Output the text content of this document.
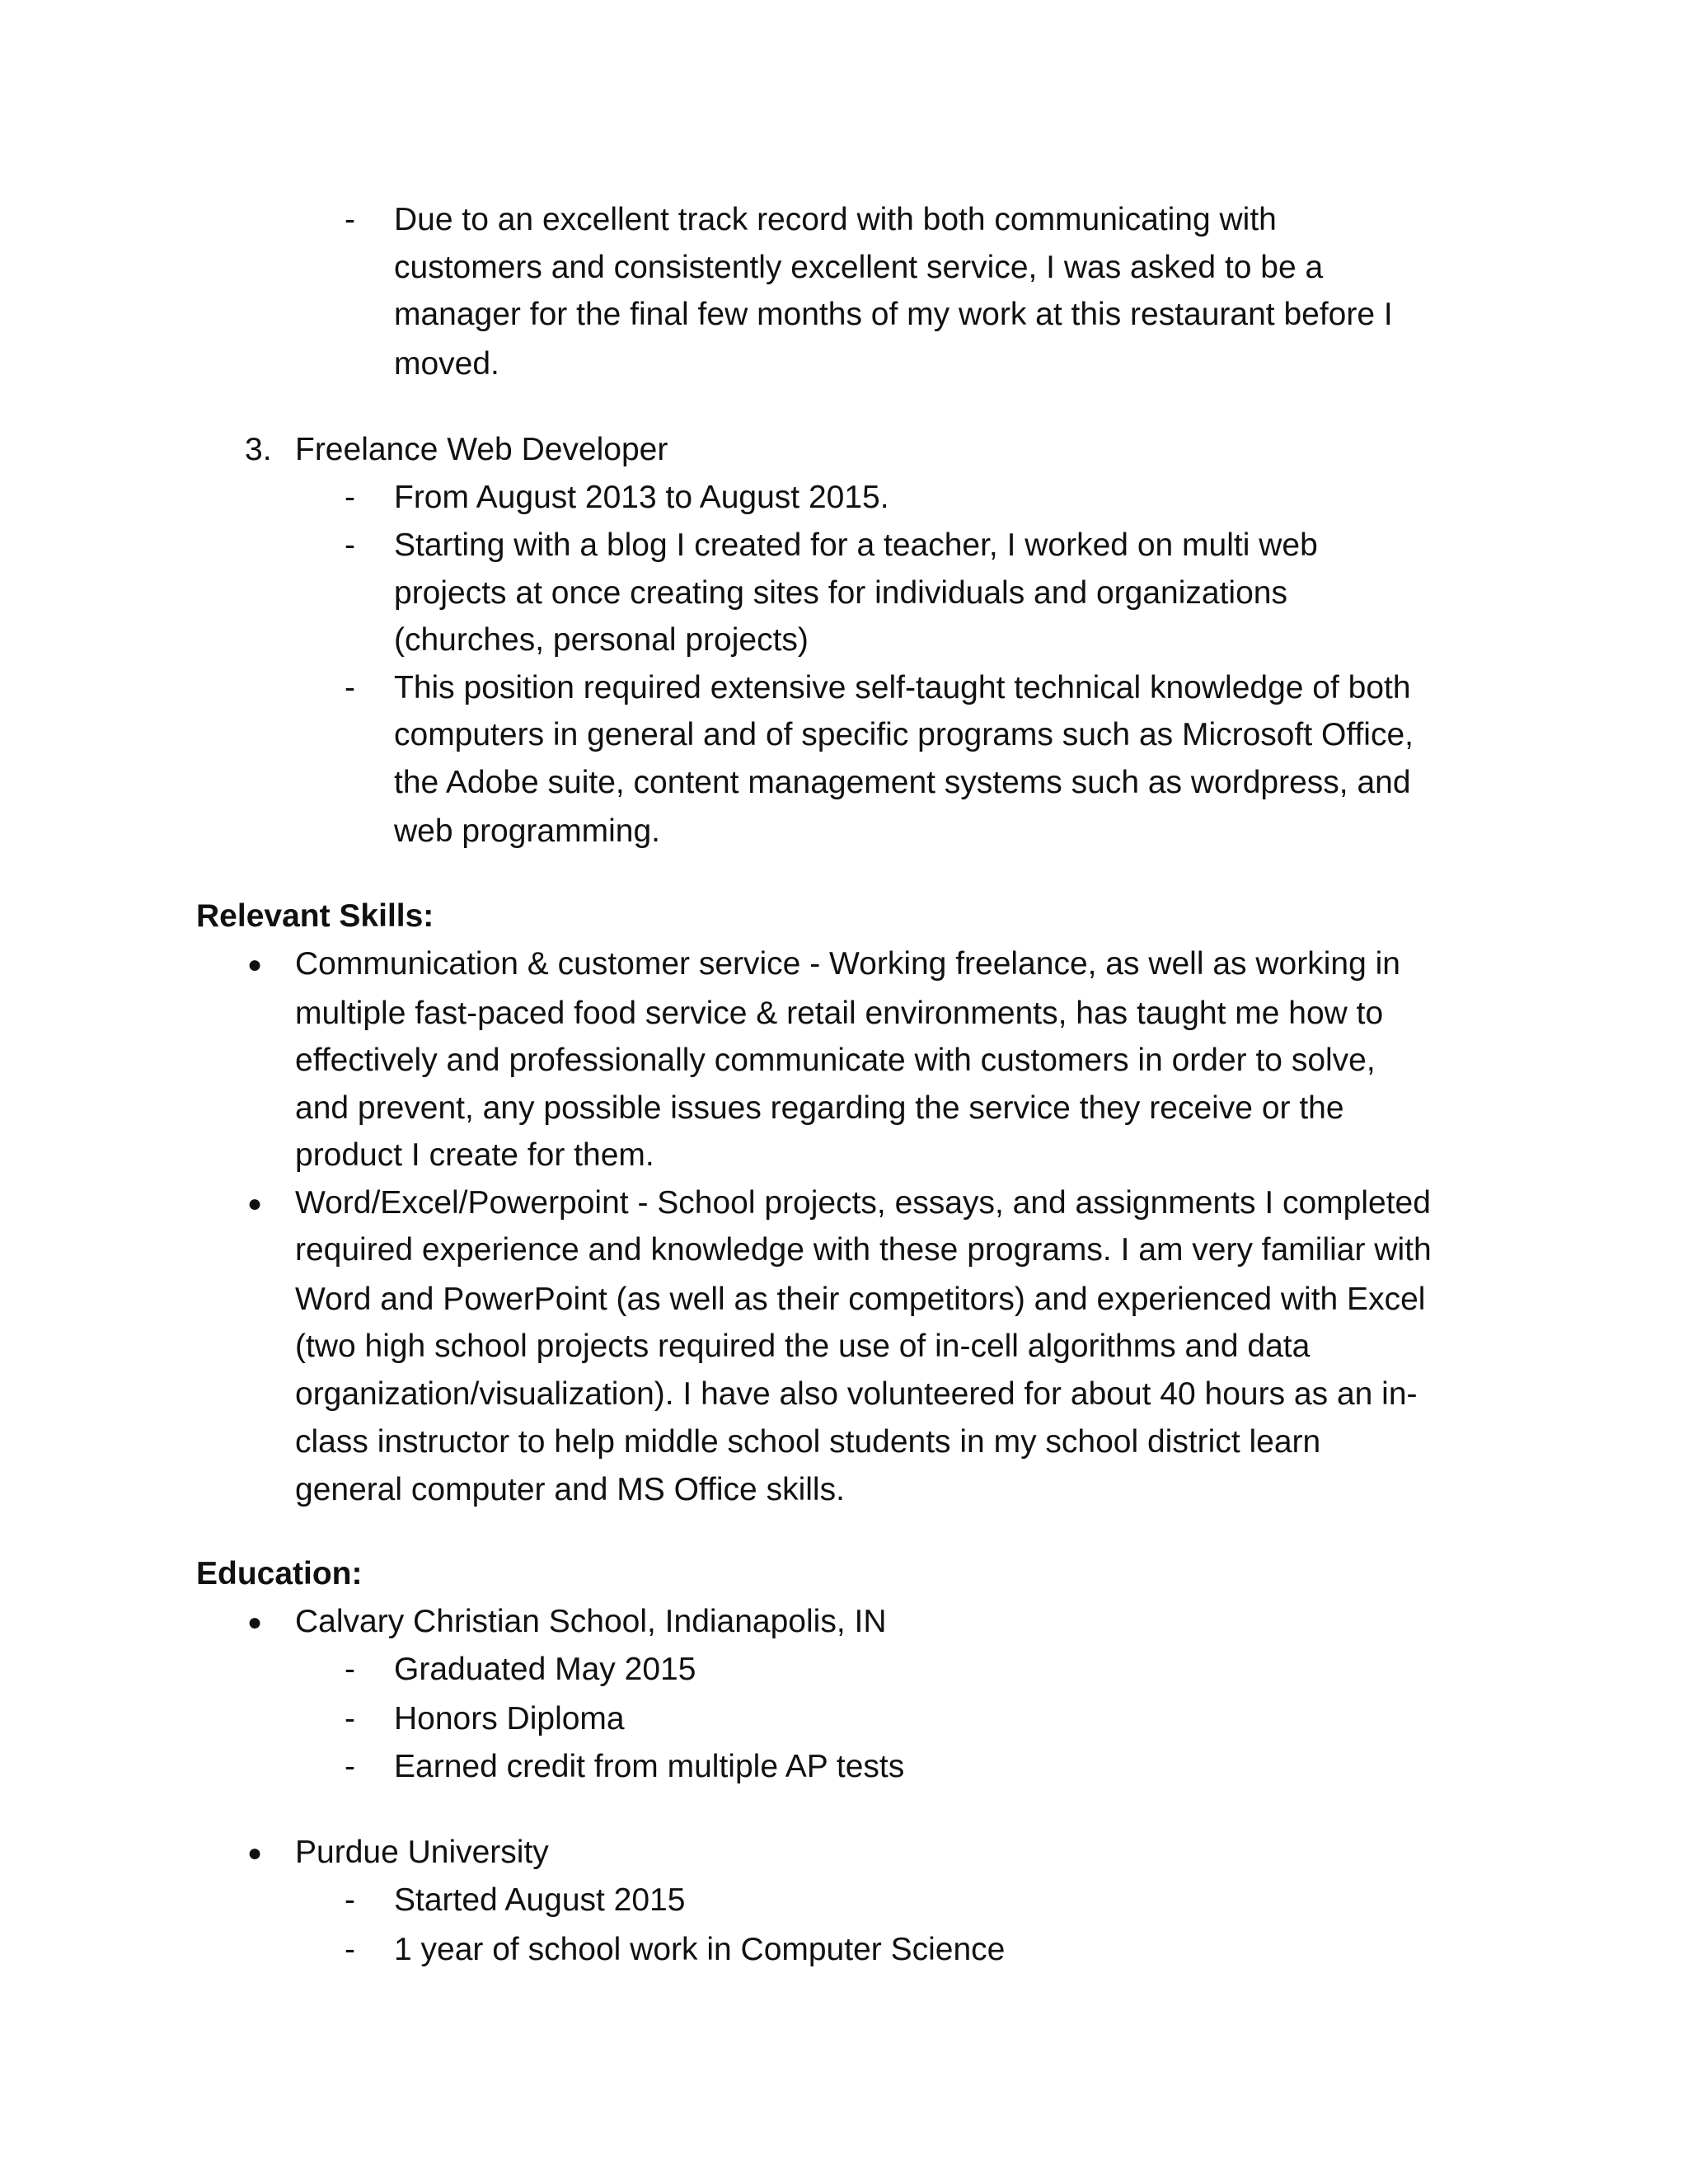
- Due to an excellent track record with both communicating with
customers and consistently excellent service, I was asked to be a
manager for the final few months of my work at this restaurant before I
moved.
3. Freelance Web Developer
- From August 2013 to August 2015.
- Starting with a blog I created for a teacher, I worked on multi web
projects at once creating sites for individuals and organizations
(churches, personal projects)
- This position required extensive self-taught technical knowledge of both
computers in general and of specific programs such as Microsoft Office,
the Adobe suite, content management systems such as wordpress, and
web programming.
Relevant Skills:
● Communication & customer service - Working freelance, as well as working in
multiple fast-paced food service & retail environments, has taught me how to
effectively and professionally communicate with customers in order to solve,
and prevent, any possible issues regarding the service they receive or the
product I create for them.
● Word/Excel/Powerpoint - School projects, essays, and assignments I completed
required experience and knowledge with these programs. I am very familiar with
Word and PowerPoint (as well as their competitors) and experienced with Excel
(two high school projects required the use of in-cell algorithms and data
organization/visualization). I have also volunteered for about 40 hours as an in-
class instructor to help middle school students in my school district learn
general computer and MS Office skills.
Education:
● Calvary Christian School, Indianapolis, IN
- Graduated May 2015
- Honors Diploma
- Earned credit from multiple AP tests
● Purdue University
- Started August 2015
- 1 year of school work in Computer Science
